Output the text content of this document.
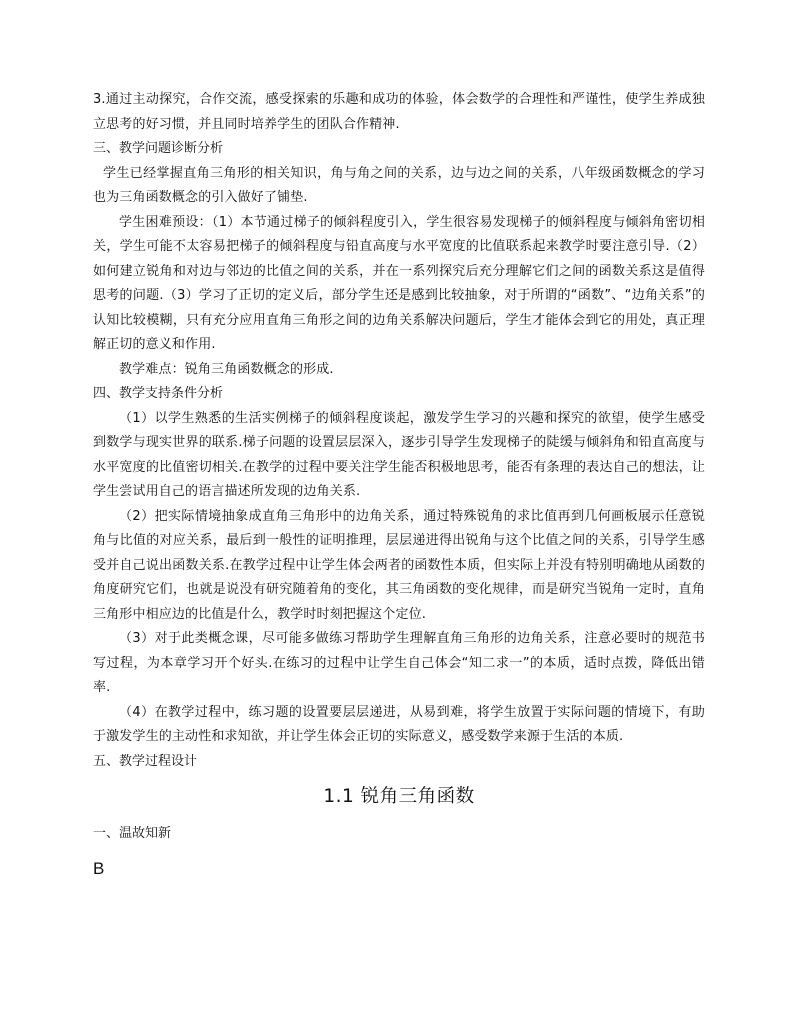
3.通过主动探究，合作交流，感受探索的乐趣和成功的体验，体会数学的合理性和严谨性，使学生养成独立思考的好习惯，并且同时培养学生的团队合作精神.

三、教学问题诊断分析

学生已经掌握直角三角形的相关知识，角与角之间的关系，边与边之间的关系，八年级函数概念的学习也为三角函数概念的引入做好了铺垫.

学生困难预设：（1）本节通过梯子的倾斜程度引入，学生很容易发现梯子的倾斜程度与倾斜角密切相关，学生可能不太容易把梯子的倾斜程度与铅直高度与水平宽度的比值联系起来教学时要注意引导.（2）如何建立锐角和对边与邻边的比值之间的关系，并在一系列探究后充分理解它们之间的函数关系这是值得思考的问题.（3）学习了正切的定义后，部分学生还是感到比较抽象，对于所谓的“函数”、“边角关系”的认知比较模糊，只有充分应用直角三角形之间的边角关系解决问题后，学生才能体会到它的用处，真正理解正切的意义和作用.

教学难点：锐角三角函数概念的形成.

四、教学支持条件分析

（1）以学生熟悉的生活实例梯子的倾斜程度谈起，激发学生学习的兴趣和探究的欲望，使学生感受到数学与现实世界的联系.梯子问题的设置层层深入，逐步引导学生发现梯子的陡缓与倾斜角和铅直高度与水平宽度的比值密切相关.在教学的过程中要关注学生能否积极地思考，能否有条理的表达自己的想法，让学生尝试用自己的语言描述所发现的边角关系.

（2）把实际情境抽象成直角三角形中的边角关系，通过特殊锐角的求比值再到几何画板展示任意锐角与比值的对应关系，最后到一般性的证明推理，层层递进得出锐角与这个比值之间的关系，引导学生感受并自己说出函数关系.在教学过程中让学生体会两者的函数性本质，但实际上并没有特别明确地从函数的角度研究它们，也就是说没有研究随着角的变化，其三角函数的变化规律，而是研究当锐角一定时，直角三角形中相应边的比值是什么，教学时时刻把握这个定位.

（3）对于此类概念课，尽可能多做练习帮助学生理解直角三角形的边角关系，注意必要时的规范书写过程，为本章学习开个好头.在练习的过程中让学生自己体会“知二求一”的本质，适时点拨，降低出错率.

（4）在教学过程中，练习题的设置要层层递进，从易到难，将学生放置于实际问题的情境下，有助于激发学生的主动性和求知欲，并让学生体会正切的实际意义，感受数学来源于生活的本质.

五、教学过程设计
1.1 锐角三角函数
一、温故知新
B
